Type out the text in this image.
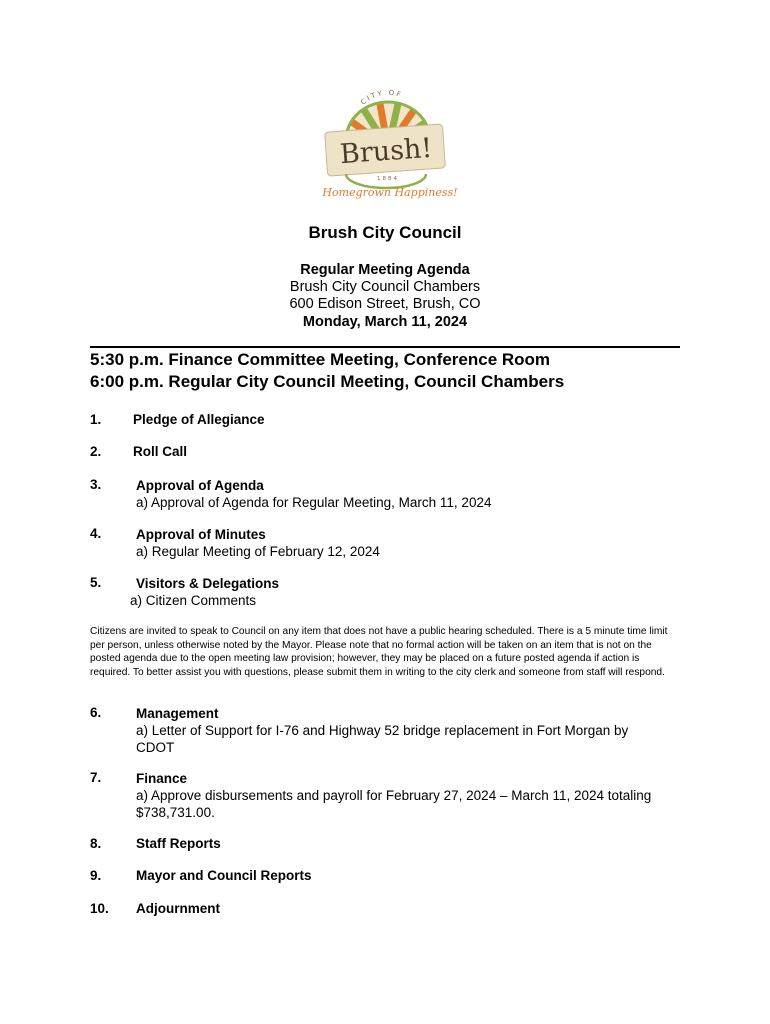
CITY OF
Brush!
1884
Homegrown Happiness!
Brush City Council
Regular Meeting Agenda
Brush City Council Chambers
600 Edison Street, Brush, CO
Monday, March 11, 2024
5:30 p.m. Finance Committee Meeting, Conference Room
6:00 p.m. Regular City Council Meeting, Council Chambers
1. Pledge of Allegiance
2. Roll Call
3.	Approval of Agenda
a) Approval of Agenda for Regular Meeting, March 11, 2024
4.	Approval of Minutes
a) Regular Meeting of February 12, 2024
5.	Visitors & Delegations
a) Citizen Comments
Citizens are invited to speak to Council on any item that does not have a public hearing scheduled. There is a 5 minute time limit per person, unless otherwise noted by the Mayor. Please note that no formal action will be taken on an item that is not on the posted agenda due to the open meeting law provision; however, they may be placed on a future posted agenda if action is required. To better assist you with questions, please submit them in writing to the city clerk and someone from staff will respond.
6.	Management
a) Letter of Support for I-76 and Highway 52 bridge replacement in Fort Morgan by CDOT
7.	Finance
a) Approve disbursements and payroll for February 27, 2024 – March 11, 2024 totaling $738,731.00.
8.	Staff Reports
9.	Mayor and Council Reports
10. Adjournment
